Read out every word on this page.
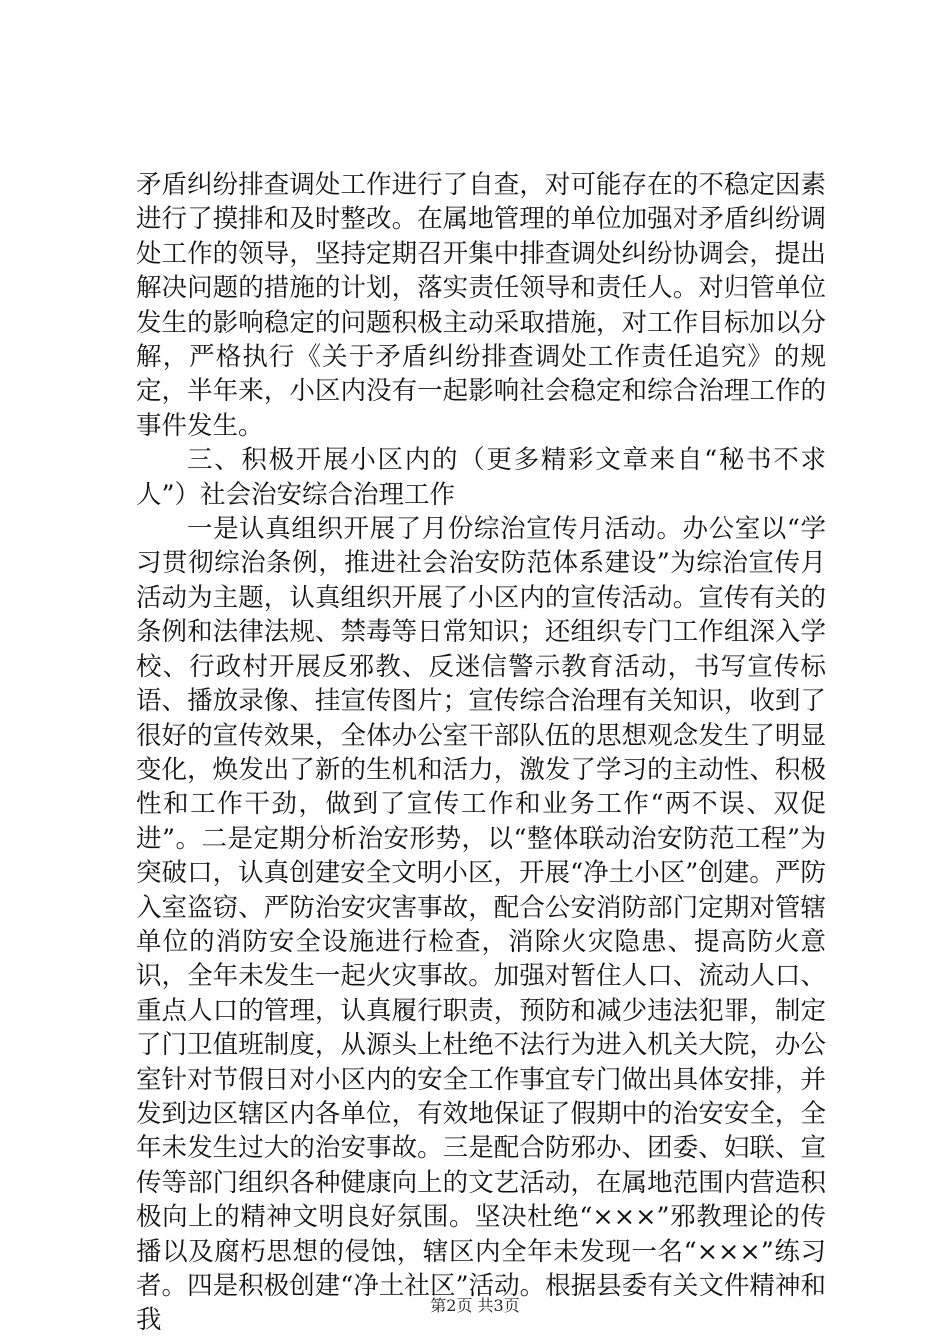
矛盾纠纷排查调处工作进行了自查，对可能存在的不稳定因素进行了摸排和及时整改。在属地管理的单位加强对矛盾纠纷调处工作的领导，坚持定期召开集中排查调处纠纷协调会，提出解决问题的措施的计划，落实责任领导和责任人。对归管单位发生的影响稳定的问题积极主动采取措施，对工作目标加以分解，严格执行《关于矛盾纠纷排查调处工作责任追究》的规定，半年来，小区内没有一起影响社会稳定和综合治理工作的事件发生。

三、积极开展小区内的（更多精彩文章来自“秘书不求人”）社会治安综合治理工作

一是认真组织开展了月份综治宣传月活动。办公室以“学习贯彻综治条例，推进社会治安防范体系建设”为综治宣传月活动为主题，认真组织开展了小区内的宣传活动。宣传有关的条例和法律法规、禁毒等日常知识；还组织专门工作组深入学校、行政村开展反邪教、反迷信警示教育活动，书写宣传标语、播放录像、挂宣传图片；宣传综合治理有关知识，收到了很好的宣传效果，全体办公室干部队伍的思想观念发生了明显变化，焕发出了新的生机和活力，激发了学习的主动性、积极性和工作干劲，做到了宣传工作和业务工作“两不误、双促进”。二是定期分析治安形势，以“整体联动治安防范工程”为突破口，认真创建安全文明小区，开展“净土小区”创建。严防入室盗窃、严防治安灾害事故，配合公安消防部门定期对管辖单位的消防安全设施进行检查，消除火灾隐患、提高防火意识，全年未发生一起火灾事故。加强对暂住人口、流动人口、重点人口的管理，认真履行职责，预防和减少违法犯罪，制定了门卫值班制度，从源头上杜绝不法行为进入机关大院，办公室针对节假日对小区内的安全工作事宜专门做出具体安排，并发到边区辖区内各单位，有效地保证了假期中的治安安全，全年未发生过大的治安事故。三是配合防邪办、团委、妇联、宣传等部门组织各种健康向上的文艺活动，在属地范围内营造积极向上的精神文明良好氛围。坚决杜绝“×××”邪教理论的传播以及腐朽思想的侵蚀，辖区内全年未发现一名“×××”练习者。四是积极创建“净土社区”活动。根据县委有关文件精神和我	第2页 共3页
